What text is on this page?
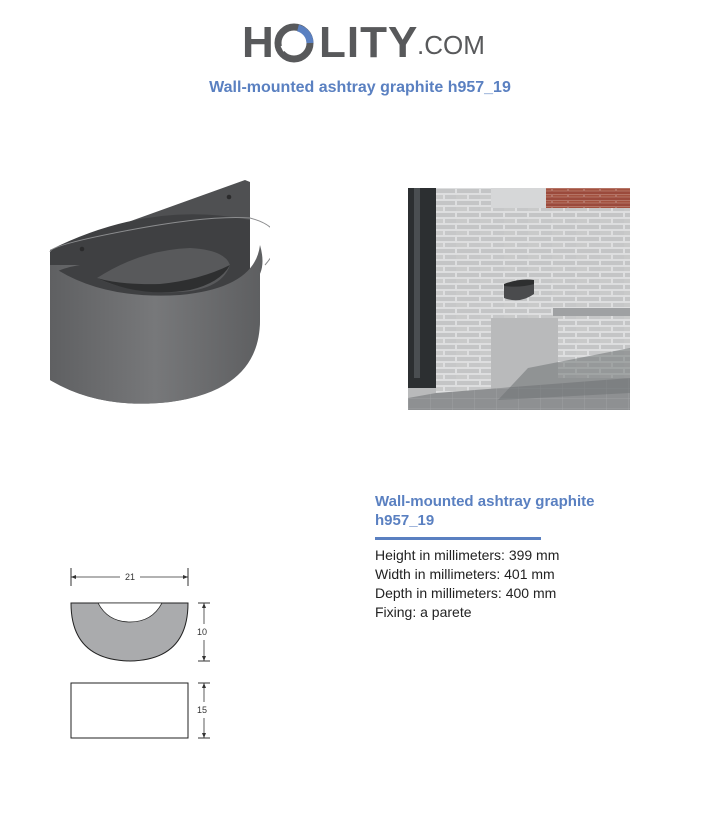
H LITY
.COM
Wall-mounted ashtray graphite h957_19

Wall-mounted ashtray graphite
h957_19

Height in millimeters: 399 mm
Width in millimeters: 401 mm
Depth in millimeters: 400 mm
Fixing: a parete
21
10
15
